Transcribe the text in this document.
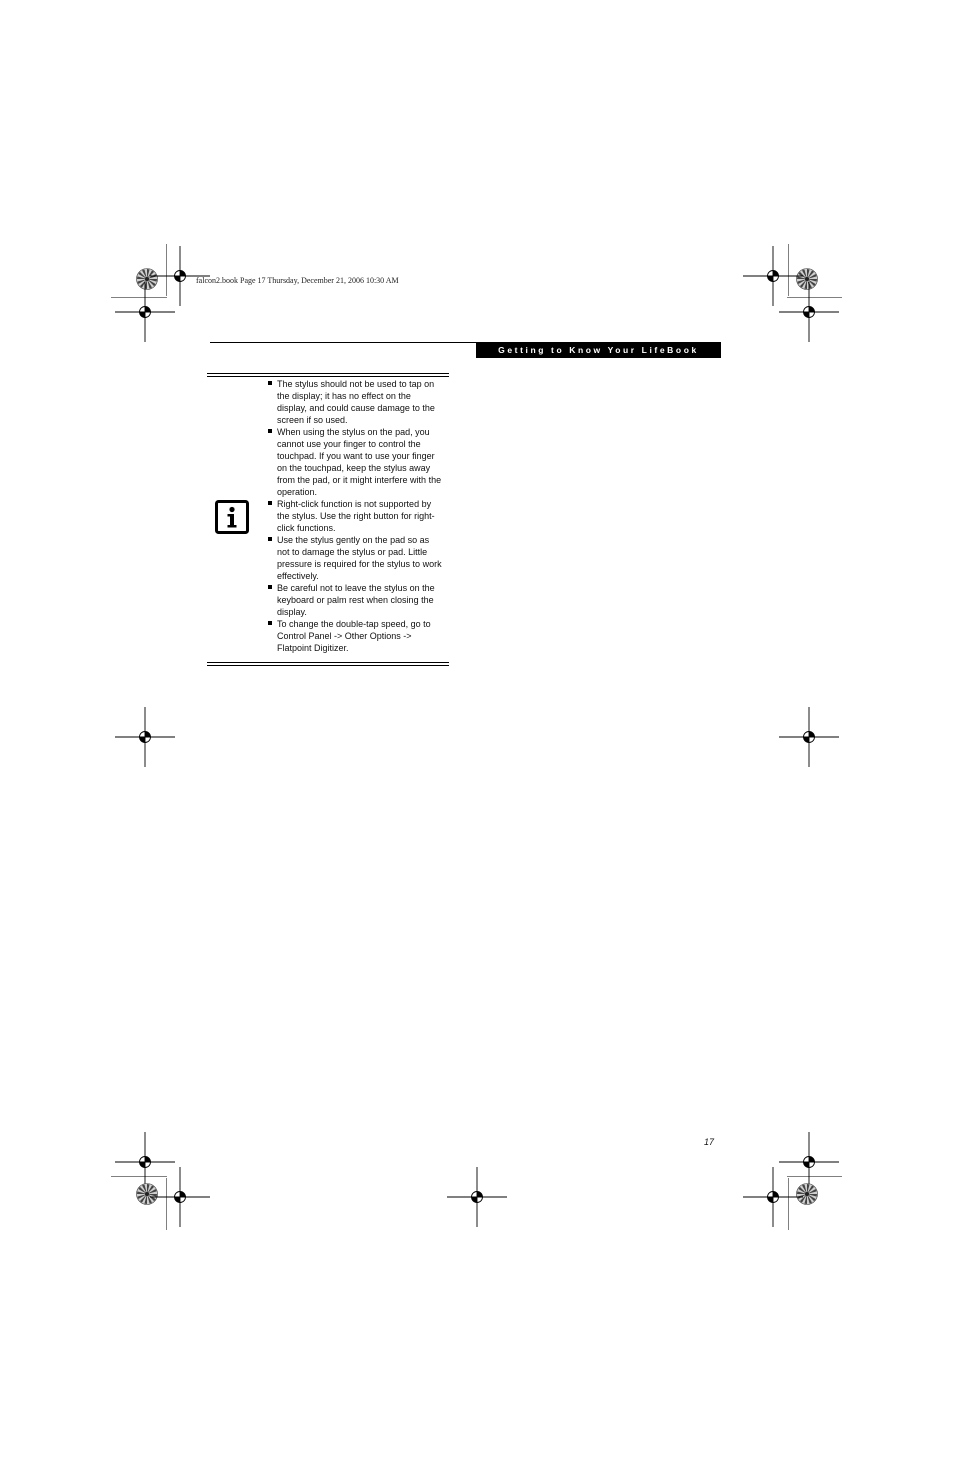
falcon2.book Page 17 Thursday, December 21, 2006 10:30 AM
Getting to Know Your LifeBook
The stylus should not be used to tap on the display; it has no effect on the display, and could cause damage to the screen if so used.
When using the stylus on the pad, you cannot use your finger to control the touchpad. If you want to use your finger on the touchpad, keep the stylus away from the pad, or it might interfere with the operation.
Right-click function is not supported by the stylus. Use the right button for right-click functions.
Use the stylus gently on the pad so as not to damage the stylus or pad. Little pressure is required for the stylus to work effectively.
Be careful not to leave the stylus on the keyboard or palm rest when closing the display.
To change the double-tap speed, go to Control Panel -> Other Options -> Flatpoint Digitizer.
17
